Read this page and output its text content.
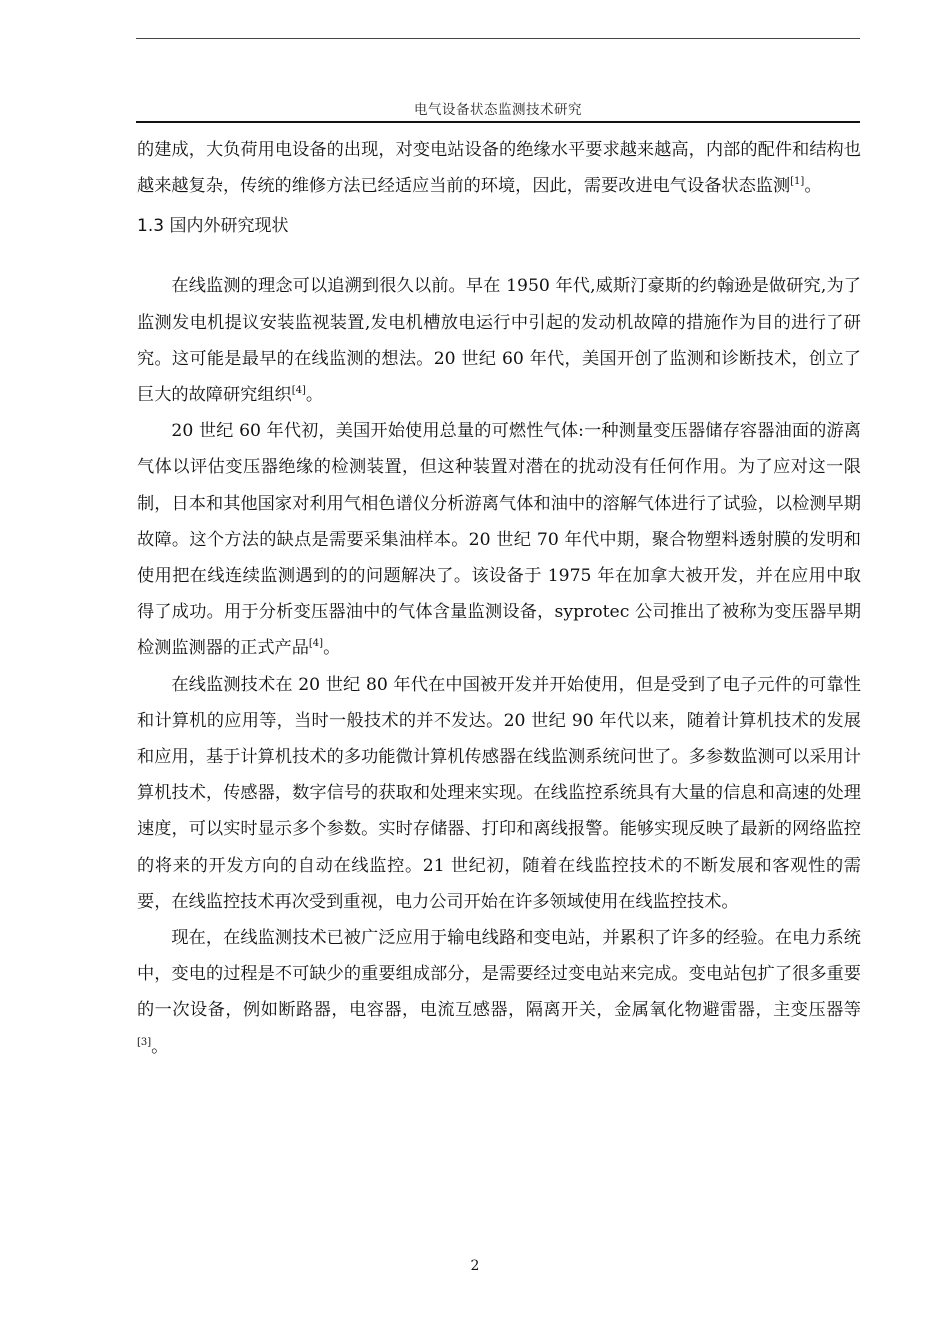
电气设备状态监测技术研究

的建成，大负荷用电设备的出现，对变电站设备的绝缘水平要求越来越高，内部的配件和结构也越来越复杂，传统的维修方法已经适应当前的环境，因此，需要改进电气设备状态监测[1]。

1.3 国内外研究现状

在线监测的理念可以追溯到很久以前。早在 1950 年代,威斯汀豪斯的约翰逊是做研究,为了监测发电机提议安装监视装置,发电机槽放电运行中引起的发动机故障的措施作为目的进行了研究。这可能是最早的在线监测的想法。20 世纪 60 年代，美国开创了监测和诊断技术，创立了巨大的故障研究组织[4]。

20 世纪 60 年代初，美国开始使用总量的可燃性气体:一种测量变压器储存容器油面的游离气体以评估变压器绝缘的检测装置，但这种装置对潜在的扰动没有任何作用。为了应对这一限制，日本和其他国家对利用气相色谱仪分析游离气体和油中的溶解气体进行了试验，以检测早期故障。这个方法的缺点是需要采集油样本。20 世纪 70 年代中期，聚合物塑料透射膜的发明和使用把在线连续监测遇到的的问题解决了。该设备于 1975 年在加拿大被开发，并在应用中取得了成功。用于分析变压器油中的气体含量监测设备，syprotec 公司推出了被称为变压器早期检测监测器的正式产品[4]。

在线监测技术在 20 世纪 80 年代在中国被开发并开始使用，但是受到了电子元件的可靠性和计算机的应用等，当时一般技术的并不发达。20 世纪 90 年代以来，随着计算机技术的发展和应用，基于计算机技术的多功能微计算机传感器在线监测系统问世了。多参数监测可以采用计算机技术，传感器，数字信号的获取和处理来实现。在线监控系统具有大量的信息和高速的处理速度，可以实时显示多个参数。实时存储器、打印和离线报警。能够实现反映了最新的网络监控的将来的开发方向的自动在线监控。21 世纪初，随着在线监控技术的不断发展和客观性的需要，在线监控技术再次受到重视，电力公司开始在许多领域使用在线监控技术。

现在，在线监测技术已被广泛应用于输电线路和变电站，并累积了许多的经验。在电力系统中，变电的过程是不可缺少的重要组成部分，是需要经过变电站来完成。变电站包扩了很多重要的一次设备，例如断路器，电容器，电流互感器，隔离开关，金属氧化物避雷器，主变压器等[3]。

2
